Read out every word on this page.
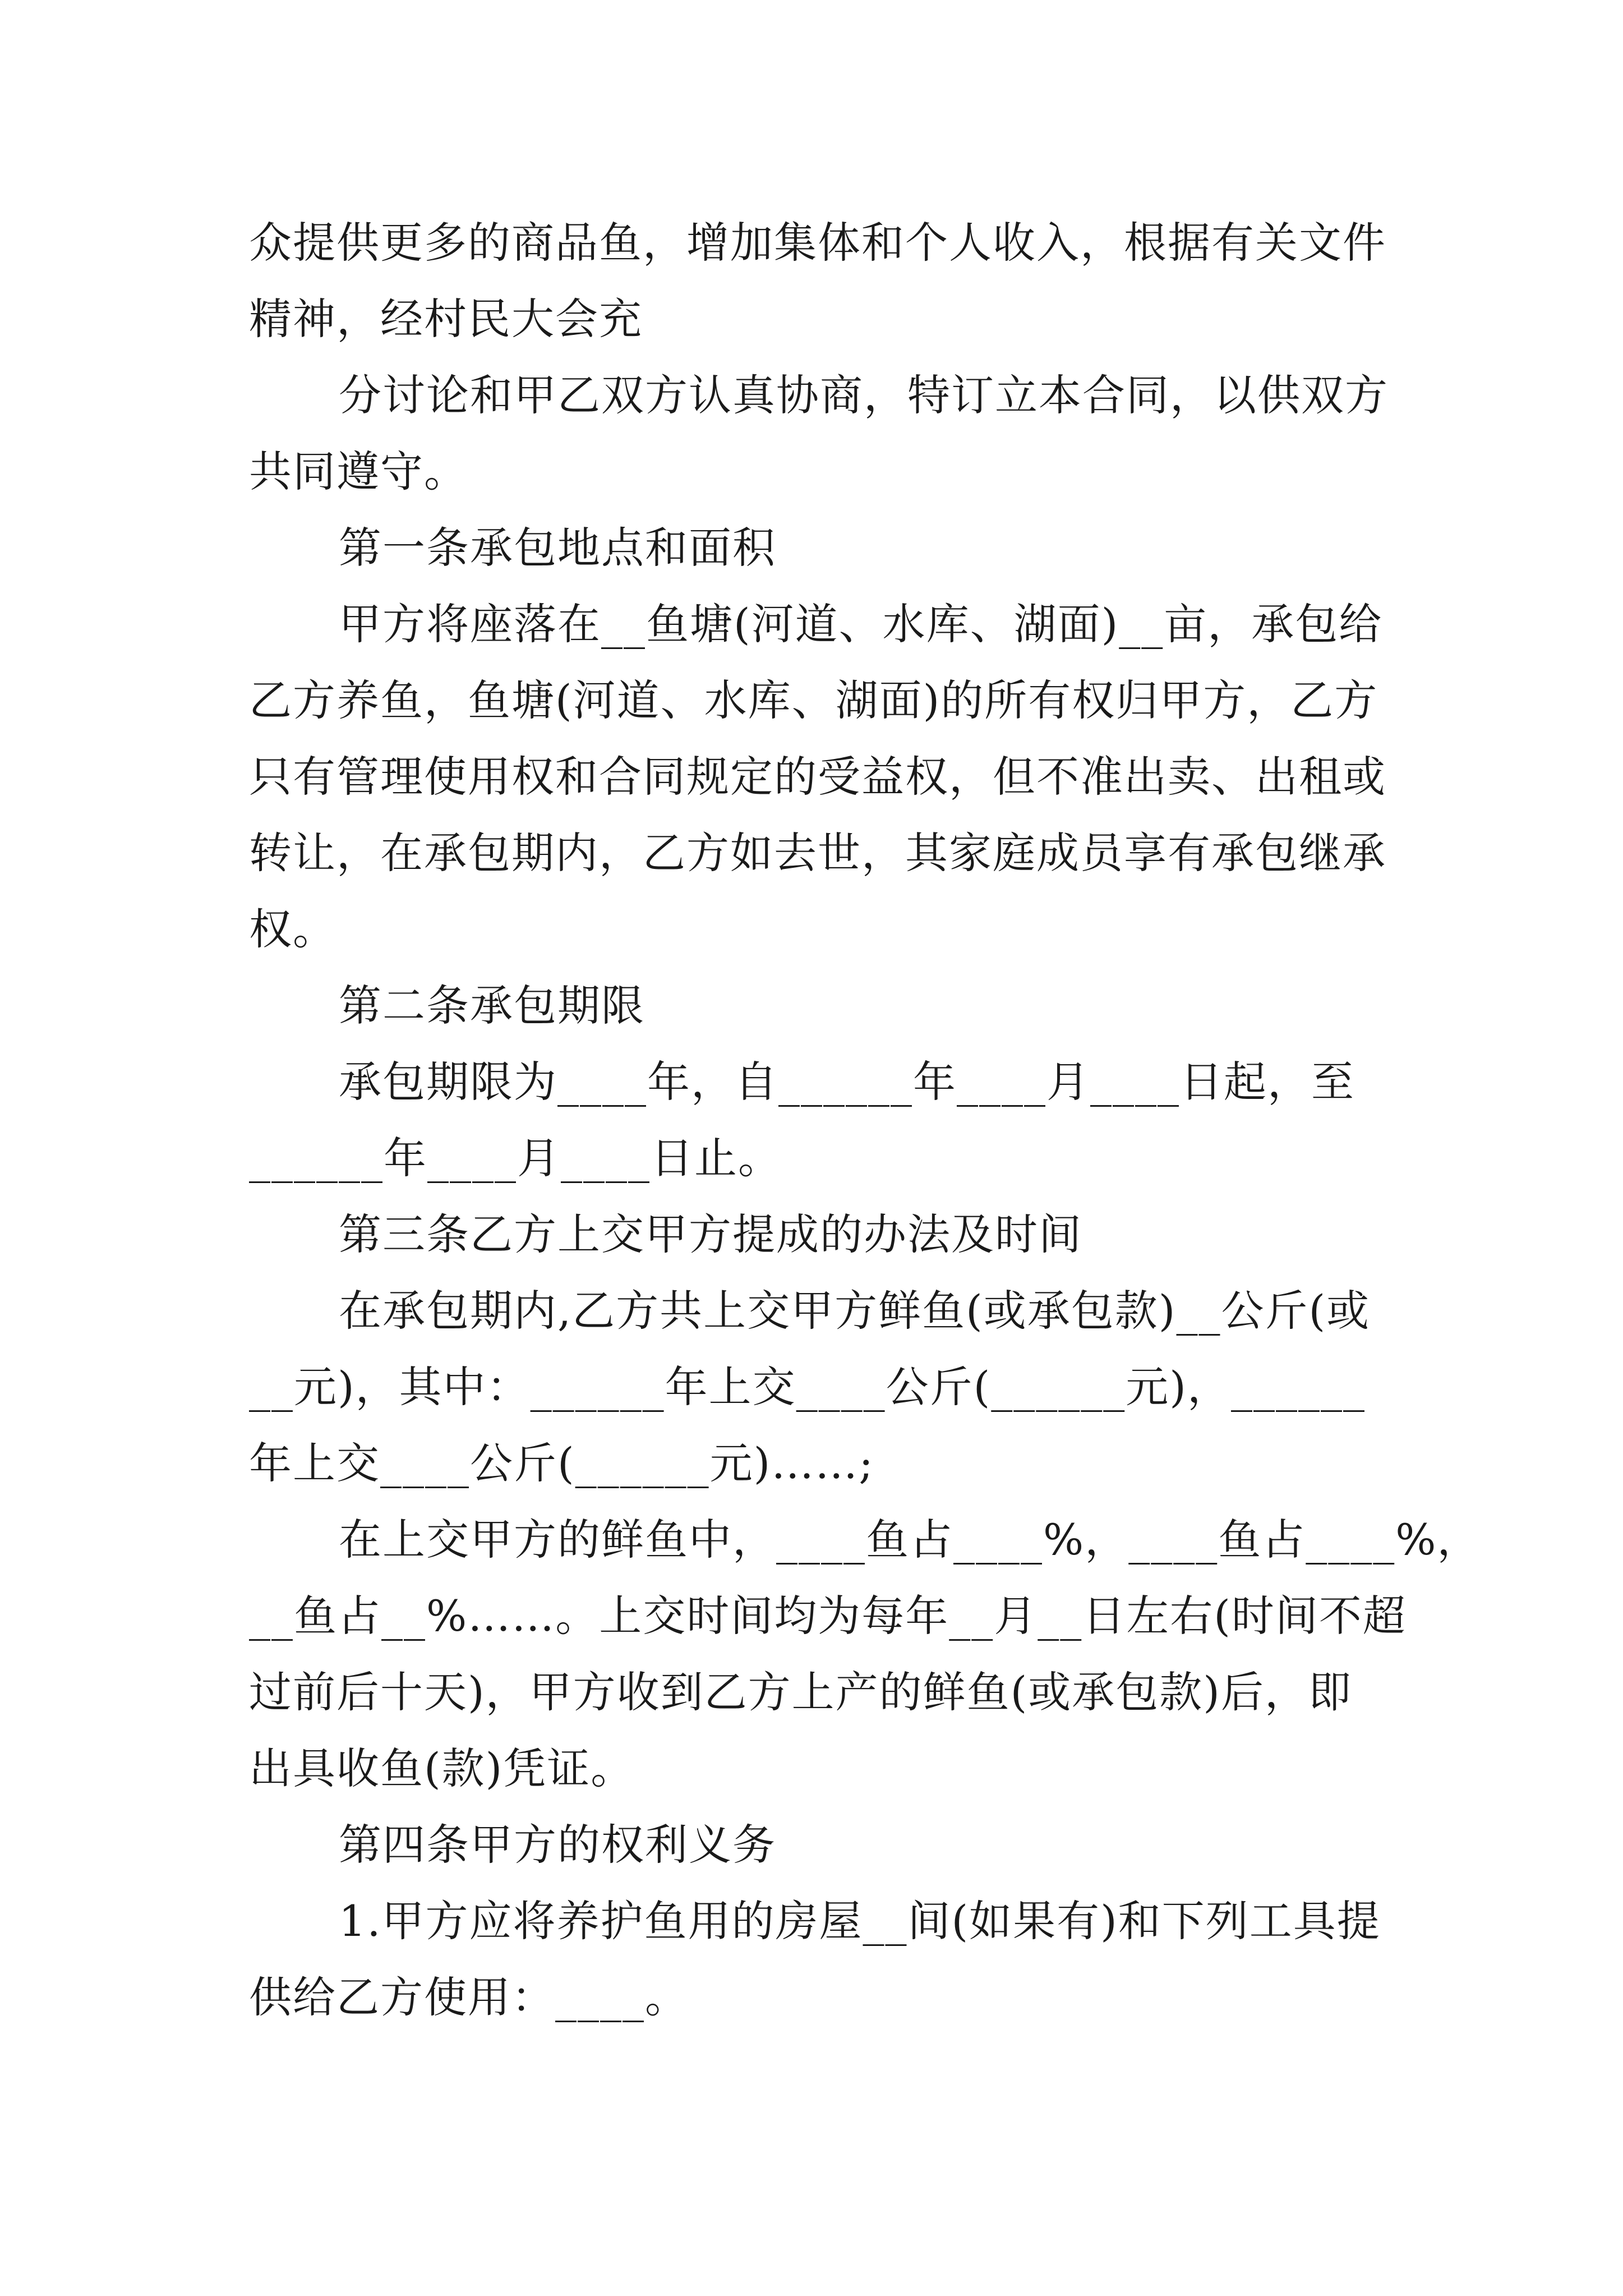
众提供更多的商品鱼，增加集体和个人收入，根据有关文件
精神，经村民大会充
分讨论和甲乙双方认真协商，特订立本合同，以供双方
共同遵守。
第一条承包地点和面积
甲方将座落在__鱼塘(河道、水库、湖面)__亩，承包给
乙方养鱼，鱼塘(河道、水库、湖面)的所有权归甲方，乙方
只有管理使用权和合同规定的受益权，但不准出卖、出租或
转让，在承包期内，乙方如去世，其家庭成员享有承包继承
权。
第二条承包期限
承包期限为____年，自______年____月____日起，至
______年____月____日止。
第三条乙方上交甲方提成的办法及时间
在承包期内,乙方共上交甲方鲜鱼(或承包款)__公斤(或
__元)，其中：______年上交____公斤(______元)，______
年上交____公斤(______元)……;
在上交甲方的鲜鱼中，____鱼占____%，____鱼占____%，
__鱼占__%……。上交时间均为每年__月__日左右(时间不超
过前后十天)，甲方收到乙方上产的鲜鱼(或承包款)后，即
出具收鱼(款)凭证。
第四条甲方的权利义务
1.甲方应将养护鱼用的房屋__间(如果有)和下列工具提
供给乙方使用：____。
